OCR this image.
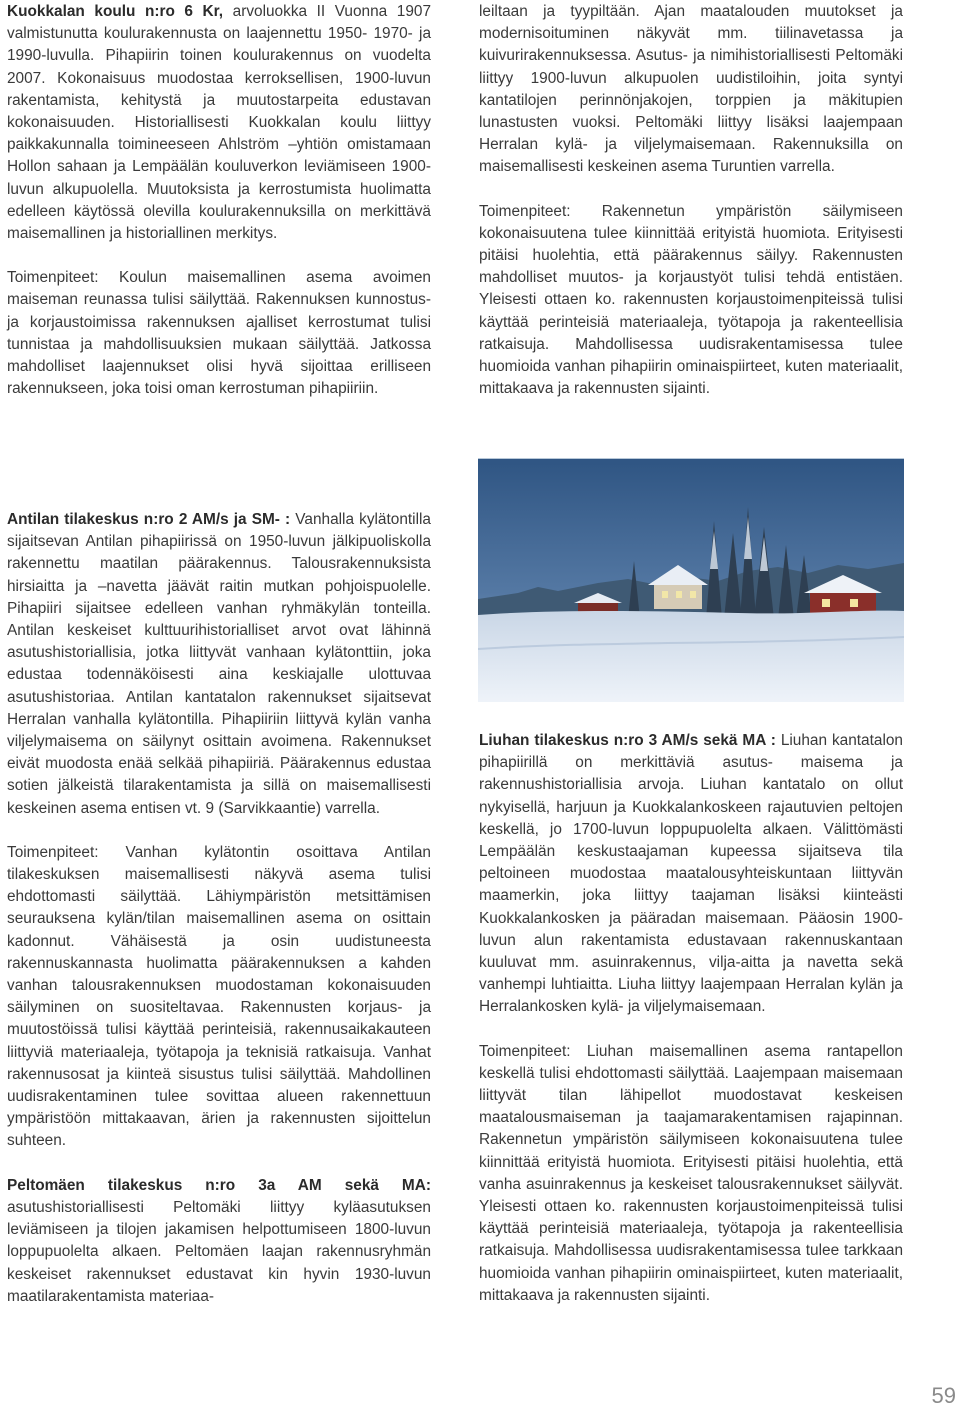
Kuokkalan koulu n:ro 6 Kr, arvoluokka II Vuonna 1907 valmistunutta koulurakennusta on laajennettu 1950- 1970- ja 1990-luvulla. Pihapiirin toinen koulurakennus on vuodelta 2007. Kokonaisuus muodostaa kerroksellisen, 1900-luvun rakentamista, kehitystä ja muutostarpeita edustavan kokonaisuuden. Historiallisesti Kuokkalan koulu liittyy paikkakunnalla toimineeseen Ahlström –yhtiön omistamaan Hollon sahaan ja Lempäälän kouluverkon leviämiseen 1900-luvun alkupuolella. Muutoksista ja kerrostumista huolimatta edelleen käytössä olevilla koulurakennuksilla on merkittävä maisemallinen ja historiallinen merkitys.

Toimenpiteet: Koulun maisemallinen asema avoimen maiseman reunassa tulisi säilyttää. Rakennuksen kunnostus- ja korjaustoimissa rakennuksen ajalliset kerrostumat tulisi tunnistaa ja mahdollisuuksien mukaan säilyttää. Jatkossa mahdolliset laajennukset olisi hyvä sijoittaa erilliseen rakennukseen, joka toisi oman kerrostuman pihapiiriin.

leiltaan ja tyypiltään. Ajan maatalouden muutokset ja modernisoituminen näkyvät mm. tiilinavetassa ja kuivurirakennuksessa. Asutus- ja nimihistoriallisesti Peltomäki liittyy 1900-luvun alkupuolen uudistiloihin, joita syntyi kantatilojen perinnönjakojen, torppien ja mäkitupien lunastusten vuoksi. Peltomäki liittyy lisäksi laajempaan Herralan kylä- ja viljelymaisemaan. Rakennuksilla on maisemallisesti keskeinen asema Turuntien varrella.

Toimenpiteet: Rakennetun ympäristön säilymiseen kokonaisuutena tulee kiinnittää erityistä huomiota. Erityisesti pitäisi huolehtia, että päärakennus säilyy. Rakennusten mahdolliset muutos- ja korjaustyöt tulisi tehdä entistäen. Yleisesti ottaen ko. rakennusten korjaustoimenpiteissä tulisi käyttää perinteisiä materiaaleja, työtapoja ja rakenteellisia ratkaisuja. Mahdollisessa uudisrakentamisessa tulee huomioida vanhan pihapiirin ominaispiirteet, kuten materiaalit, mittakaava ja rakennusten sijainti.

Antilan tilakeskus n:ro 2 AM/s ja SM- : Vanhalla kylätontilla sijaitsevan Antilan pihapiirissä on 1950-luvun jälkipuoliskolla rakennettu maatilan päärakennus. Talousrakennuksista hirsiaitta ja –navetta jäävät raitin mutkan pohjoispuolelle. Pihapiiri sijaitsee edelleen vanhan ryhmäkylän tonteilla. Antilan keskeiset kulttuurihistorialliset arvot ovat lähinnä asutushistoriallisia, jotka liittyvät vanhaan kylätonttiin, joka edustaa todennäköisesti aina keskiajalle ulottuvaa asutushistoriaa. Antilan kantatalon rakennukset sijaitsevat Herralan vanhalla kylätontilla. Pihapiiriin liittyvä kylän vanha viljelymaisema on säilynyt osittain avoimena. Rakennukset eivät muodosta enää selkää pihapiiriä. Päärakennus edustaa sotien jälkeistä tilarakentamista ja sillä on maisemallisesti keskeinen asema entisen vt. 9 (Sarvikkaantie) varrella.

Toimenpiteet: Vanhan kylätontin osoittava Antilan tilakeskuksen maisemallisesti näkyvä asema tulisi ehdottomasti säilyttää. Lähiympäristön metsittämisen seurauksena kylän/tilan maisemallinen asema on osittain kadonnut. Vähäisestä ja osin uudistuneesta rakennuskannasta huolimatta päärakennuksen a kahden vanhan talousrakennuksen muodostaman kokonaisuuden säilyminen on suositeltavaa. Rakennusten korjaus- ja muutostöissä tulisi käyttää perinteisiä, rakennusaikakauteen liittyviä materiaaleja, työtapoja ja teknisiä ratkaisuja. Vanhat rakennusosat ja kiinteä sisustus tulisi säilyttää. Mahdollinen uudisrakentaminen tulee sovittaa alueen rakennettuun ympäristöön mittakaavan, ärien ja rakennusten sijoittelun suhteen.

Peltomäen tilakeskus n:ro 3a AM sekä MA: asutushistoriallisesti Peltomäki liittyy kyläasutuksen leviämiseen ja tilojen jakamisen helpottumiseen 1800-luvun loppupuolelta alkaen. Peltomäen laajan rakennusryhmän keskeiset rakennukset edustavat kin hyvin 1930-luvun maatilarakentamista materiaa-

Liuhan tilakeskus n:ro 3 AM/s sekä MA : Liuhan kantatalon pihapiirillä on merkittäviä asutus- maisema ja rakennushistoriallisia arvoja. Liuhan kantatalo on ollut nykyisellä, harjuun ja Kuokkalankoskeen rajautuvien peltojen keskellä, jo 1700-luvun loppupuolelta alkaen. Välittömästi Lempäälän keskustaajaman kupeessa sijaitseva tila peltoineen muodostaa maatalousyhteiskuntaan liittyvän maamerkin, joka liittyy taajaman lisäksi kiinteästi Kuokkalankosken ja pääradan maisemaan. Pääosin 1900-luvun alun rakentamista edustavaan rakennuskantaan kuuluvat mm. asuinrakennus, vilja-aitta ja navetta sekä vanhempi luhtiaitta. Liuha liittyy laajempaan Herralan kylän ja Herralankosken kylä- ja viljelymaisemaan.

Toimenpiteet: Liuhan maisemallinen asema rantapellon keskellä tulisi ehdottomasti säilyttää. Laajempaan maisemaan liittyvät tilan lähipellot muodostavat keskeisen maatalousmaiseman ja taajamarakentamisen rajapinnan. Rakennetun ympäristön säilymiseen kokonaisuutena tulee kiinnittää erityistä huomiota. Erityisesti pitäisi huolehtia, että vanha asuinrakennus ja keskeiset talousrakennukset säilyvät. Yleisesti ottaen ko. rakennusten korjaustoimenpiteissä tulisi käyttää perinteisiä materiaaleja, työtapoja ja rakenteellisia ratkaisuja. Mahdollisessa uudisrakentamisessa tulee tarkkaan huomioida vanhan pihapiirin ominaispiirteet, kuten materiaalit, mittakaava ja rakennusten sijainti.

59
